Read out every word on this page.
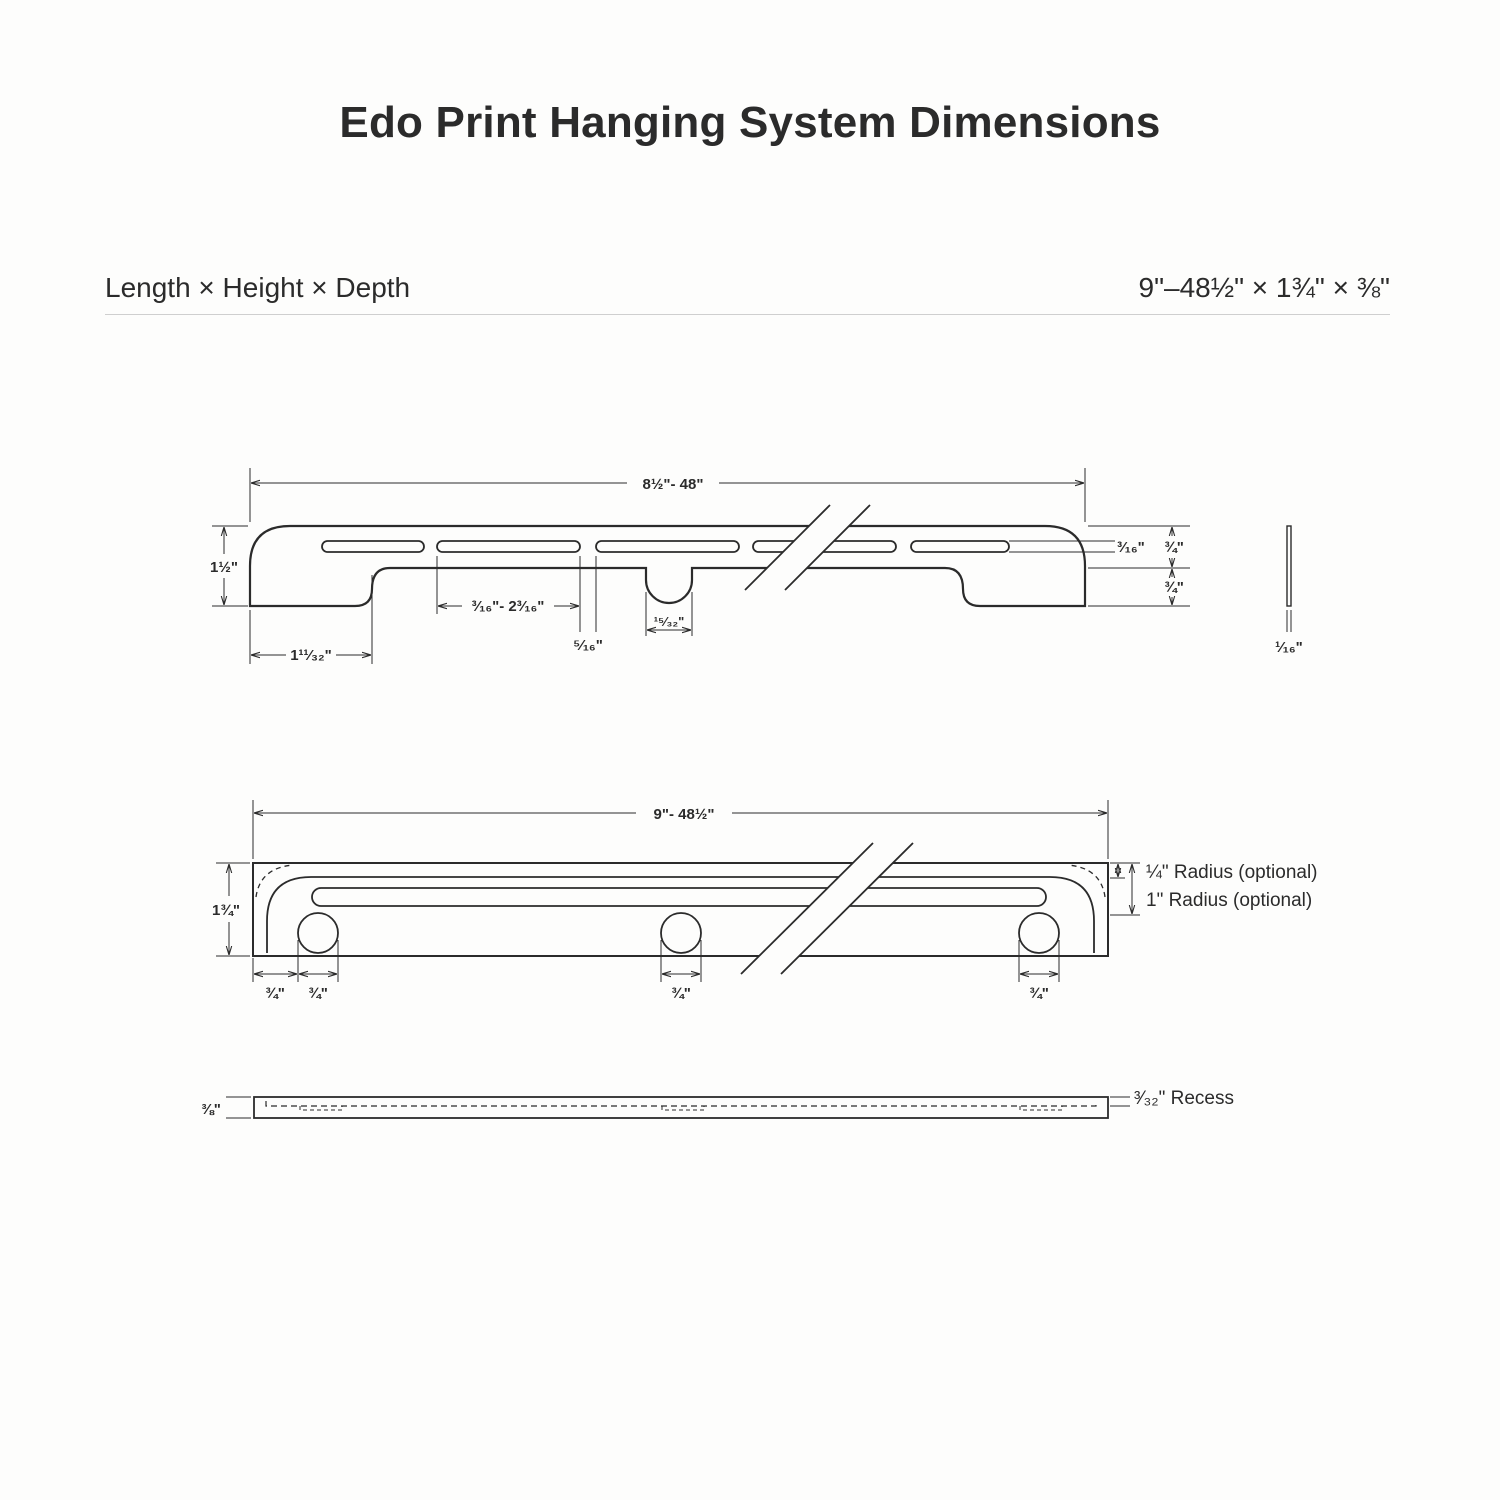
Edo Print Hanging System Dimensions
Length × Height × Depth	9"–48½" × 1¾" × ⅜"
8½"- 48"
1½"
1¹¹⁄₃₂"
³⁄₁₆"- 2³⁄₁₆"
⁵⁄₁₆"
¹⁵⁄₃₂"
³⁄₁₆" ¾"
¾"
¹⁄₁₆"
9"- 48½"
1¾"
¼" Radius (optional)
1" Radius (optional)
¾" ¾"	¾"	¾"
⅜"
³⁄₃₂" Recess
